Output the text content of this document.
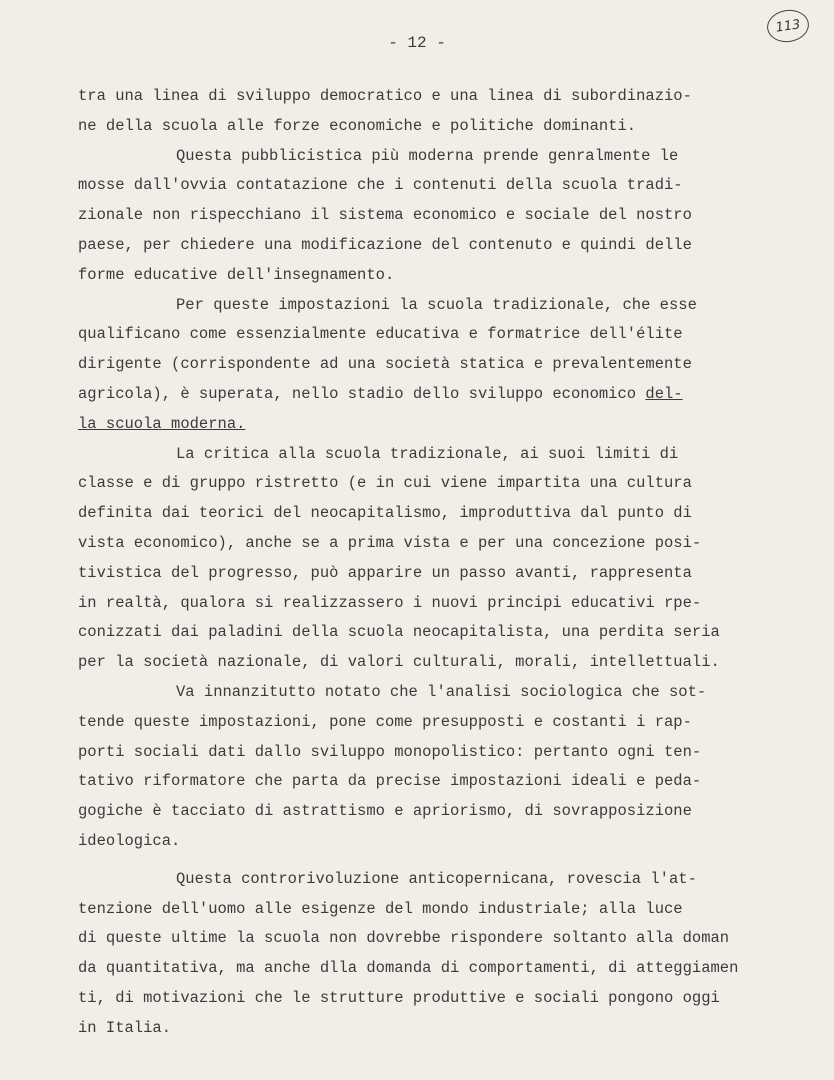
- 12 -
113
tra una linea di sviluppo democratico e una linea di subordinazio-
ne della scuola alle forze economiche e politiche dominanti.
Questa pubblicistica più moderna prende genralmente le
mosse dall'ovvia contatazione che i contenuti della scuola tradi-
zionale non rispecchiano il sistema economico e sociale del nostro
paese, per chiedere una modificazione del contenuto e quindi delle
forme educative dell'insegnamento.
Per queste impostazioni la scuola tradizionale, che esse
qualificano come essenzialmente educativa e formatrice dell'élite
dirigente (corrispondente ad una società statica e prevalentemente
agricola), è superata, nello stadio dello sviluppo economico del-
la scuola moderna.
La critica alla scuola tradizionale, ai suoi limiti di
classe e di gruppo ristretto (e in cui viene impartita una cultura
definita dai teorici del neocapitalismo, improduttiva dal punto di
vista economico), anche se a prima vista e per una concezione posi-
tivistica del progresso, può apparire un passo avanti, rappresenta
in realtà, qualora si realizzassero i nuovi principi educativi rpe-
conizzati dai paladini della scuola neocapitalista, una perdita seria
per la società nazionale, di valori culturali, morali, intellettuali.
Va innanzitutto notato che l'analisi sociologica che sot-
tende queste impostazioni, pone come presupposti e costanti i rap-
porti sociali dati dallo sviluppo monopolistico: pertanto ogni ten-
tativo riformatore che parta da precise impostazioni ideali e peda-
gogiche è tacciato di astrattismo e apriorismo, di sovrapposizione
ideologica.
Questa controrivoluzione anticopernicana, rovescia l'at-
tenzione dell'uomo alle esigenze del mondo industriale; alla luce
di queste ultime la scuola non dovrebbe rispondere soltanto alla doman
da quantitativa, ma anche dlla domanda di comportamenti, di atteggiamen
ti, di motivazioni che le strutture produttive e sociali pongono oggi
in Italia.
